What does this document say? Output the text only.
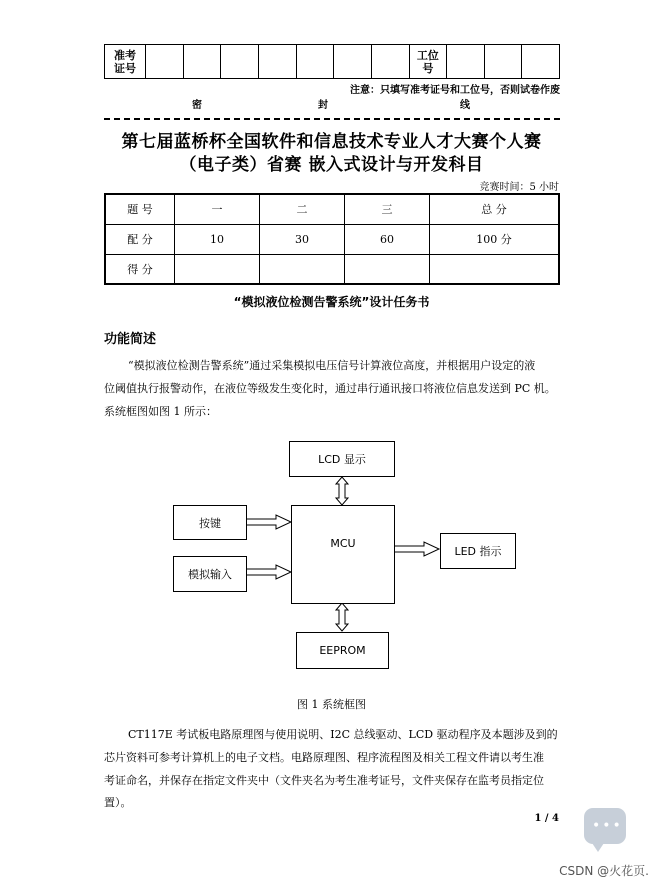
准考
证号								工位
号			
注意：只填写准考证号和工位号，否则试卷作废
密	封	线
第七届蓝桥杯全国软件和信息技术专业人才大赛个人赛
（电子类）省赛 嵌入式设计与开发科目
竞赛时间：5 小时
题 号	一	二	三	总 分
配 分	10	30	60	100 分
得 分				
“模拟液位检测告警系统”设计任务书
功能简述
“模拟液位检测告警系统”通过采集模拟电压信号计算液位高度，并根据用户设定的液
位阈值执行报警动作，在液位等级发生变化时，通过串行通讯接口将液位信息发送到 PC 机。
系统框图如图 1 所示：
LCD 显示
按键
MCU
LED 指示
模拟输入
EEPROM
图 1 系统框图
CT117E 考试板电路原理图与使用说明、I2C 总线驱动、LCD 驱动程序及本题涉及到的
芯片资料可参考计算机上的电子文档。电路原理图、程序流程图及相关工程文件请以考生准
考证命名，并保存在指定文件夹中（文件夹名为考生准考证号，文件夹保存在监考员指定位
置）。
1 / 4 •••
CSDN @火花页.
